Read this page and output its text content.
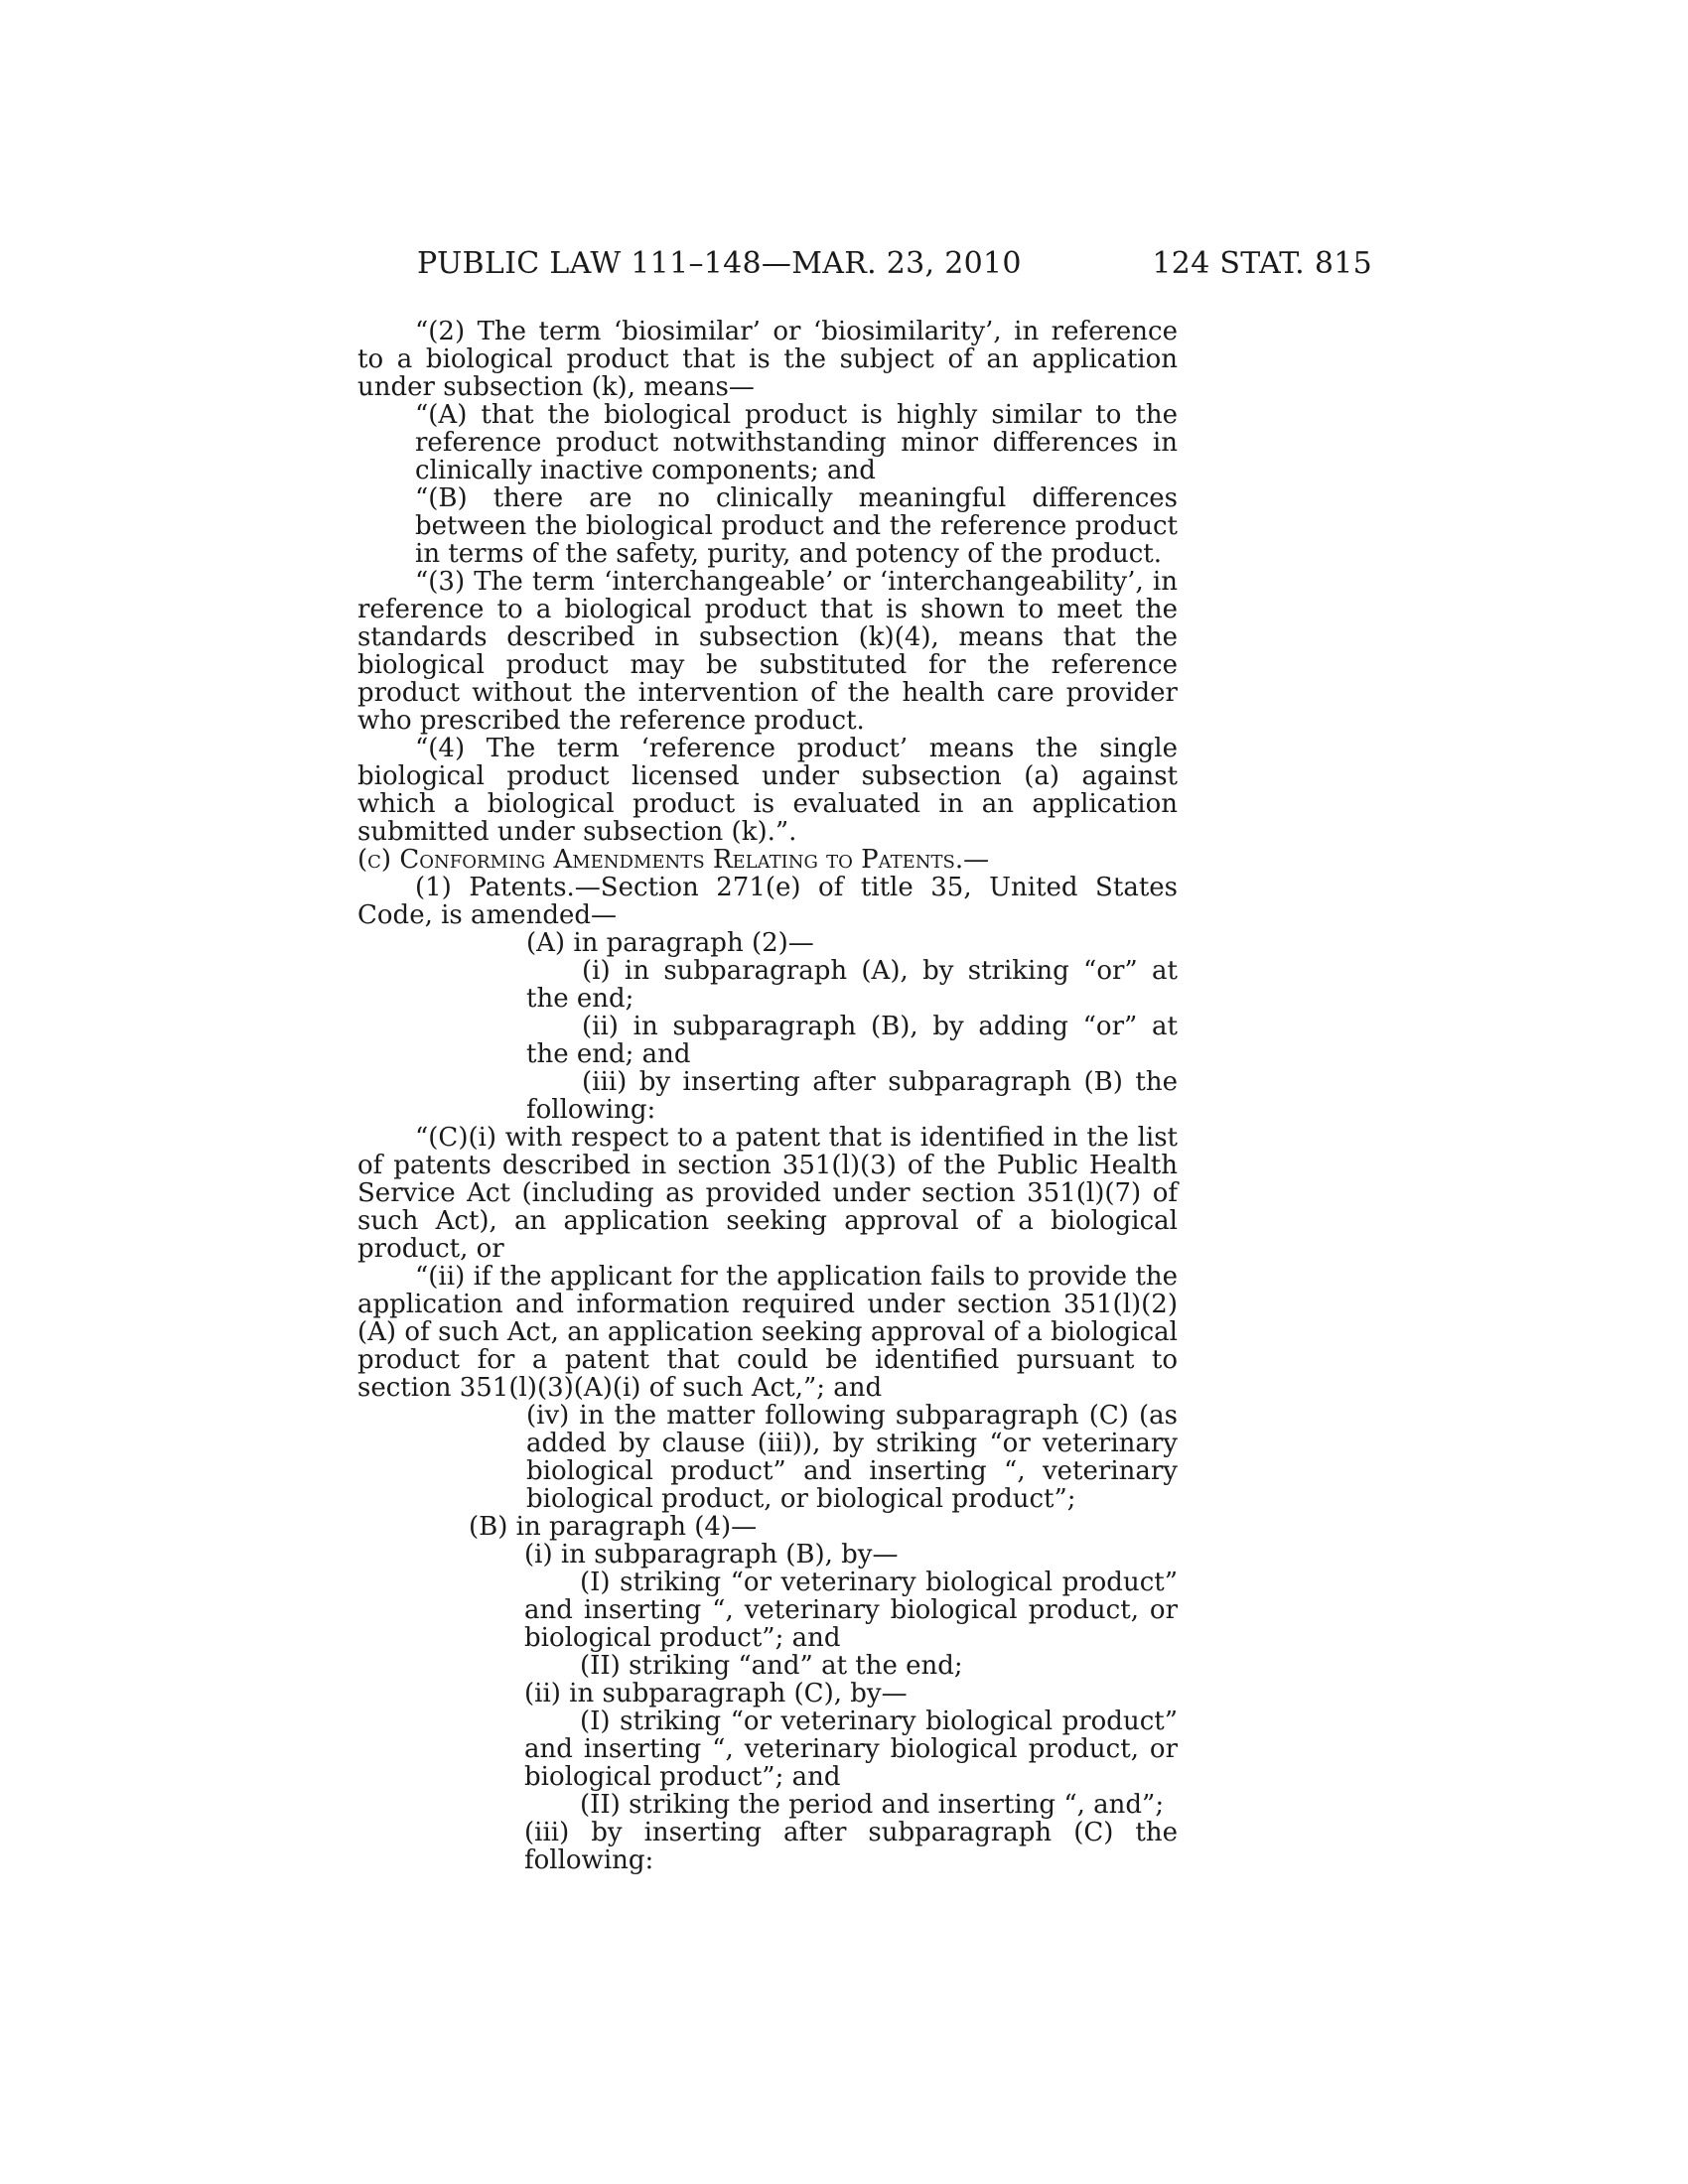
PUBLIC LAW 111–148—MAR. 23, 2010	124 STAT. 815

“(2) The term ‘biosimilar’ or ‘biosimilarity’, in reference to a biological product that is the subject of an application under subsection (k), means—

“(A) that the biological product is highly similar to the reference product notwithstanding minor differences in clinically inactive components; and

“(B) there are no clinically meaningful differences between the biological product and the reference product in terms of the safety, purity, and potency of the product.

“(3) The term ‘interchangeable’ or ‘interchangeability’, in reference to a biological product that is shown to meet the standards described in subsection (k)(4), means that the biological product may be substituted for the reference product without the intervention of the health care provider who prescribed the reference product.

“(4) The term ‘reference product’ means the single biological product licensed under subsection (a) against which a biological product is evaluated in an application submitted under subsection (k).”.

(c) Conforming Amendments Relating to Patents.—

(1) Patents.—Section 271(e) of title 35, United States Code, is amended—

(A) in paragraph (2)—

(i) in subparagraph (A), by striking “or” at the end;

(ii) in subparagraph (B), by adding “or” at the end; and

(iii) by inserting after subparagraph (B) the following:

“(C)(i) with respect to a patent that is identified in the list of patents described in section 351(l)(3) of the Public Health Service Act (including as provided under section 351(l)(7) of such Act), an application seeking approval of a biological product, or

“(ii) if the applicant for the application fails to provide the application and information required under section 351(l)(2)(A) of such Act, an application seeking approval of a biological product for a patent that could be identified pursuant to section 351(l)(3)(A)(i) of such Act,”; and

(iv) in the matter following subparagraph (C) (as added by clause (iii)), by striking “or veterinary biological product” and inserting “, veterinary biological product, or biological product”;

(B) in paragraph (4)—

(i) in subparagraph (B), by—

(I) striking “or veterinary biological product” and inserting “, veterinary biological product, or biological product”; and

(II) striking “and” at the end;

(ii) in subparagraph (C), by—

(I) striking “or veterinary biological product” and inserting “, veterinary biological product, or biological product”; and

(II) striking the period and inserting “, and”;

(iii) by inserting after subparagraph (C) the following:
